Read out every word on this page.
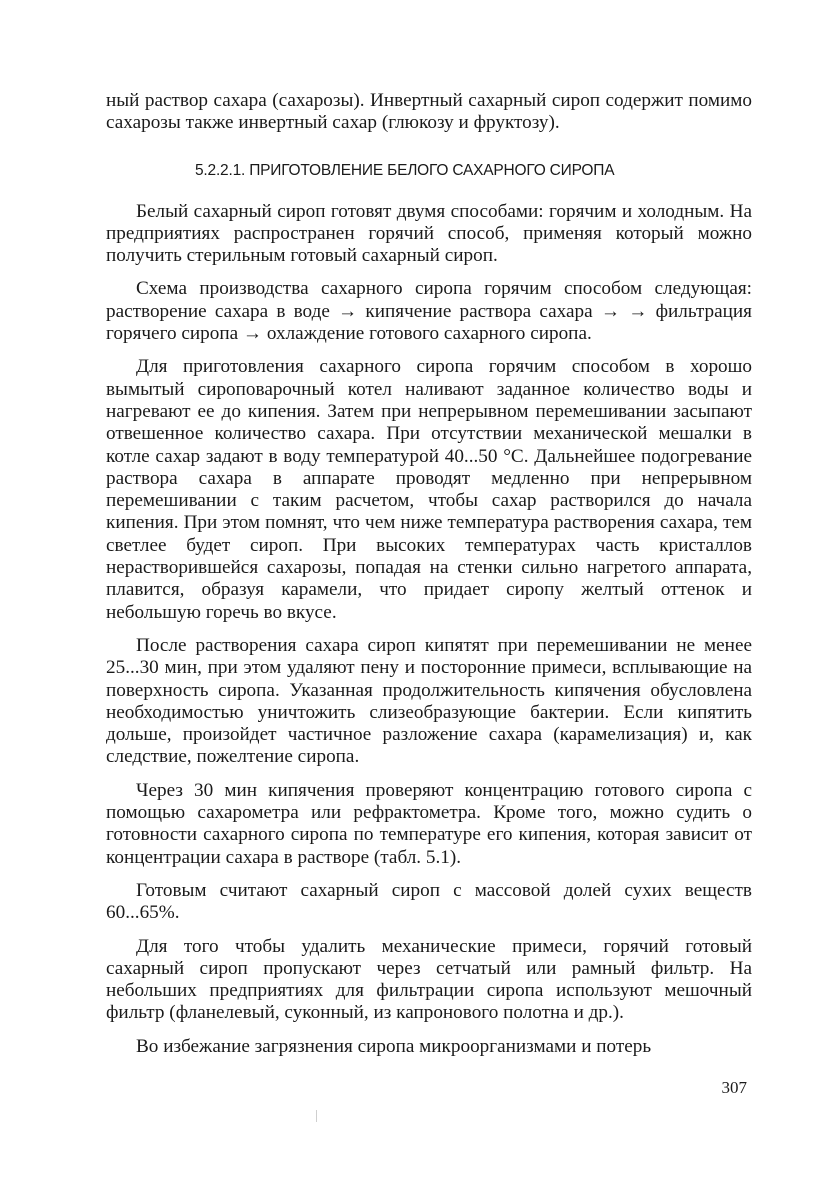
ный раствор сахара (сахарозы). Инвертный сахарный сироп содержит помимо сахарозы также инвертный сахар (глюкозу и фруктозу).

5.2.2.1. ПРИГОТОВЛЕНИЕ БЕЛОГО САХАРНОГО СИРОПА

Белый сахарный сироп готовят двумя способами: горячим и холодным. На предприятиях распространен горячий способ, применяя который можно получить стерильным готовый сахарный сироп.

Схема производства сахарного сиропа горячим способом следующая: растворение сахара в воде → кипячение раствора сахара → → фильтрация горячего сиропа → охлаждение готового сахарного сиропа.

Для приготовления сахарного сиропа горячим способом в хорошо вымытый сироповарочный котел наливают заданное количество воды и нагревают ее до кипения. Затем при непрерывном перемешивании засыпают отвешенное количество сахара. При отсутствии механической мешалки в котле сахар задают в воду температурой 40...50 °С. Дальнейшее подогревание раствора сахара в аппарате проводят медленно при непрерывном перемешивании с таким расчетом, чтобы сахар растворился до начала кипения. При этом помнят, что чем ниже температура растворения сахара, тем светлее будет сироп. При высоких температурах часть кристаллов нерастворившейся сахарозы, попадая на стенки сильно нагретого аппарата, плавится, образуя карамели, что придает сиропу желтый оттенок и небольшую горечь во вкусе.

После растворения сахара сироп кипятят при перемешивании не менее 25...30 мин, при этом удаляют пену и посторонние примеси, всплывающие на поверхность сиропа. Указанная продолжительность кипячения обусловлена необходимостью уничтожить слизеобразующие бактерии. Если кипятить дольше, произойдет частичное разложение сахара (карамелизация) и, как следствие, пожелтение сиропа.

Через 30 мин кипячения проверяют концентрацию готового сиропа с помощью сахарометра или рефрактометра. Кроме того, можно судить о готовности сахарного сиропа по температуре его кипения, которая зависит от концентрации сахара в растворе (табл. 5.1).

Готовым считают сахарный сироп с массовой долей сухих веществ 60...65%.

Для того чтобы удалить механические примеси, горячий готовый сахарный сироп пропускают через сетчатый или рамный фильтр. На небольших предприятиях для фильтрации сиропа используют мешочный фильтр (фланелевый, суконный, из капронового полотна и др.).

Во избежание загрязнения сиропа микроорганизмами и потерь

307
